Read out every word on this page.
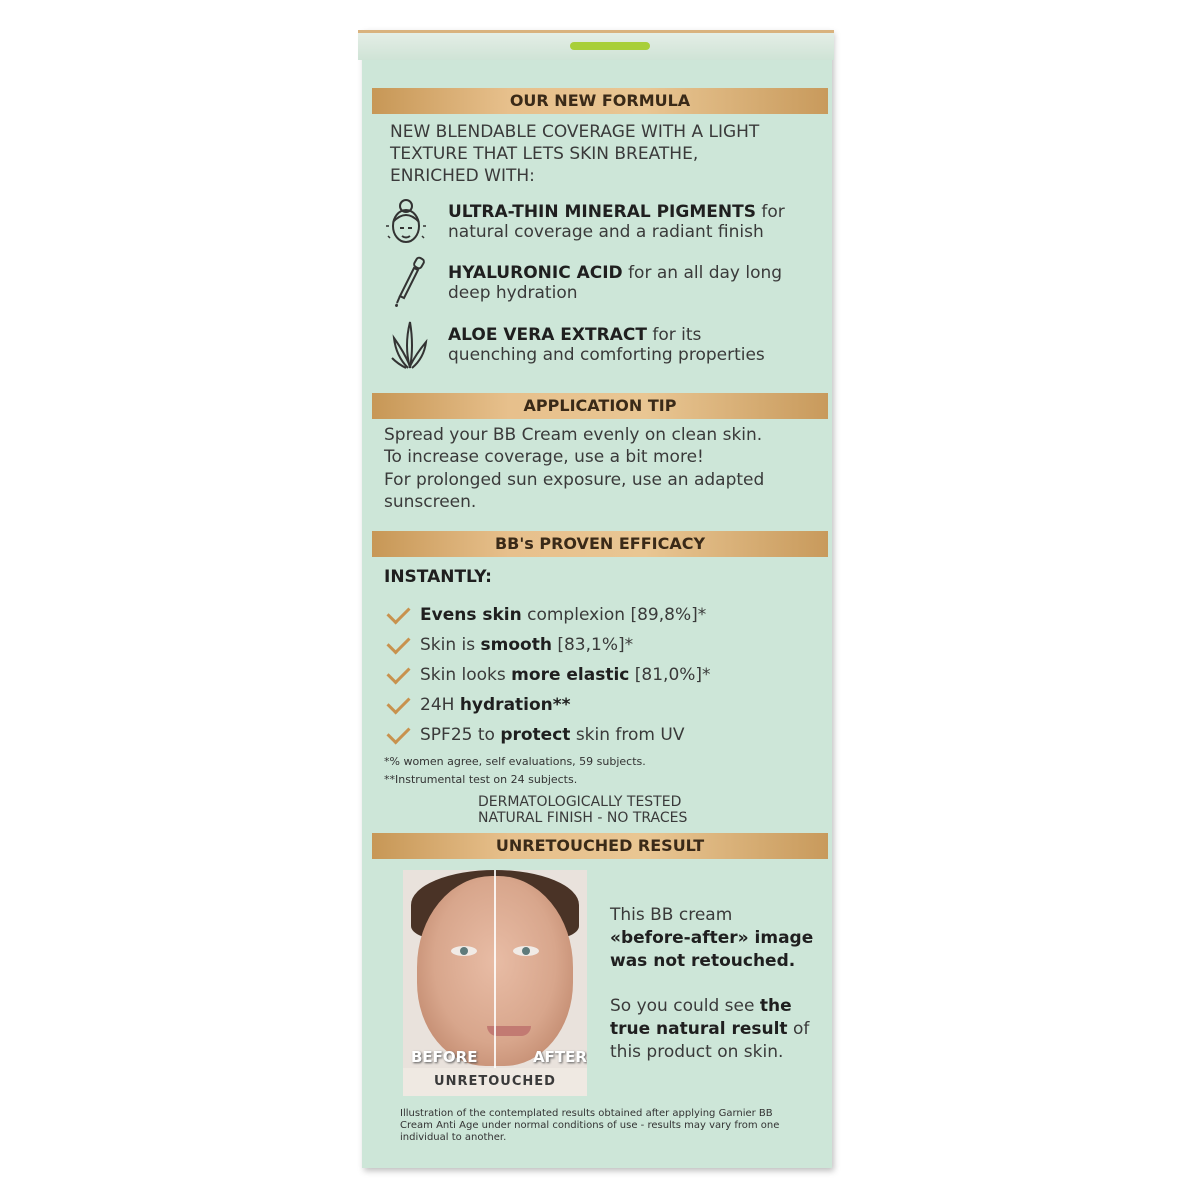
OUR NEW FORMULA
NEW BLENDABLE COVERAGE WITH A LIGHT
TEXTURE THAT LETS SKIN BREATHE,
ENRICHED WITH:
ULTRA-THIN MINERAL PIGMENTS for
natural coverage and a radiant finish
HYALURONIC ACID for an all day long
deep hydration
ALOE VERA EXTRACT for its
quenching and comforting properties
APPLICATION TIP
Spread your BB Cream evenly on clean skin.
To increase coverage, use a bit more!
For prolonged sun exposure, use an adapted
sunscreen.
BB's PROVEN EFFICACY
INSTANTLY:
Evens skin complexion [89,8%]*
Skin is smooth [83,1%]*
Skin looks more elastic [81,0%]*
24H hydration**
SPF25 to protect skin from UV
*% women agree, self evaluations, 59 subjects.
**Instrumental test on 24 subjects.
DERMATOLOGICALLY TESTED
NATURAL FINISH - NO TRACES
UNRETOUCHED RESULT
BEFORE	AFTER
UNRETOUCHED
This BB cream
«before-after» image
was not retouched.
So you could see the
true natural result of
this product on skin.
Illustration of the contemplated results obtained after applying Garnier BB
Cream Anti Age under normal conditions of use - results may vary from one
individual to another.
